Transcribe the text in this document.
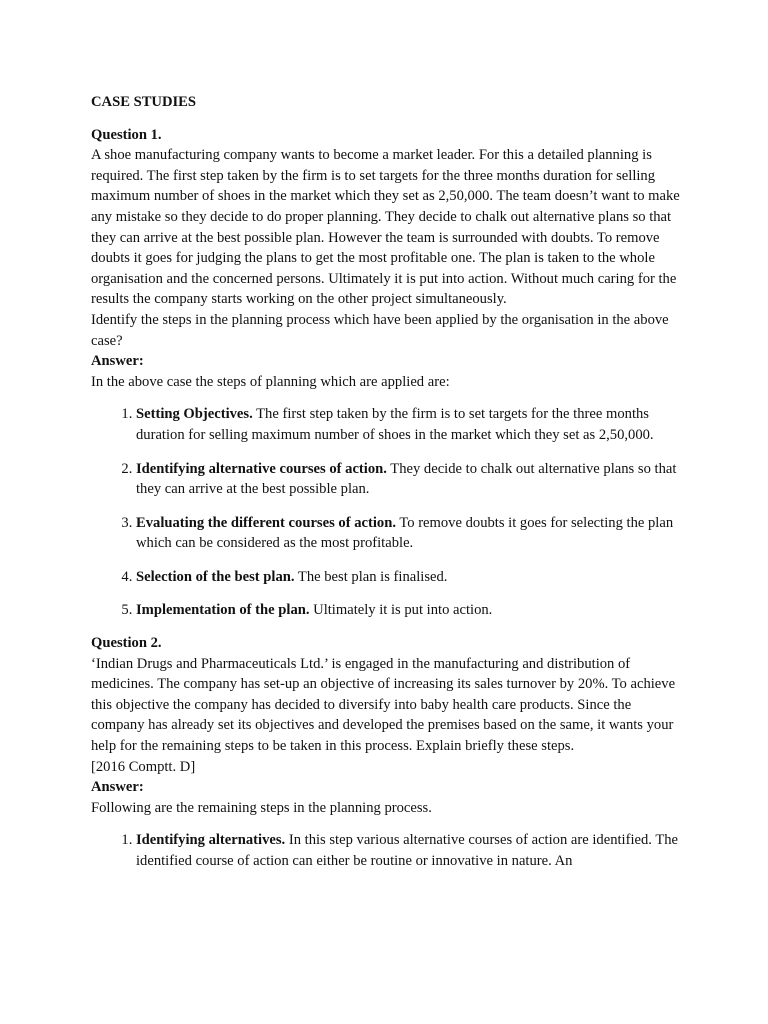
CASE STUDIES

Question 1.

A shoe manufacturing company wants to become a market leader. For this a detailed planning is required. The first step taken by the firm is to set targets for the three months duration for selling maximum number of shoes in the market which they set as 2,50,000. The team doesn’t want to make any mistake so they decide to do proper planning. They decide to chalk out alternative plans so that they can arrive at the best possible plan. However the team is surrounded with doubts. To remove doubts it goes for judging the plans to get the most profitable one. The plan is taken to the whole organisation and the concerned persons. Ultimately it is put into action. Without much caring for the results the company starts working on the other project simultaneously.

Identify the steps in the planning process which have been applied by the organisation in the above case?

Answer:

In the above case the steps of planning which are applied are:

1. Setting Objectives. The first step taken by the firm is to set targets for the three months duration for selling maximum number of shoes in the market which they set as 2,50,000.
2. Identifying alternative courses of action. They decide to chalk out alternative plans so that they can arrive at the best possible plan.
3. Evaluating the different courses of action. To remove doubts it goes for selecting the plan which can be considered as the most profitable.
4. Selection of the best plan. The best plan is finalised.
5. Implementation of the plan. Ultimately it is put into action.

Question 2.

‘Indian Drugs and Pharmaceuticals Ltd.’ is engaged in the manufacturing and distribution of medicines. The company has set-up an objective of increasing its sales turnover by 20%. To achieve this objective the company has decided to diversify into baby health care products. Since the company has already set its objectives and developed the premises based on the same, it wants your help for the remaining steps to be taken in this process. Explain briefly these steps.

[2016 Comptt. D]

Answer:

Following are the remaining steps in the planning process.

1. Identifying alternatives. In this step various alternative courses of action are identified. The identified course of action can either be routine or innovative in nature. An
